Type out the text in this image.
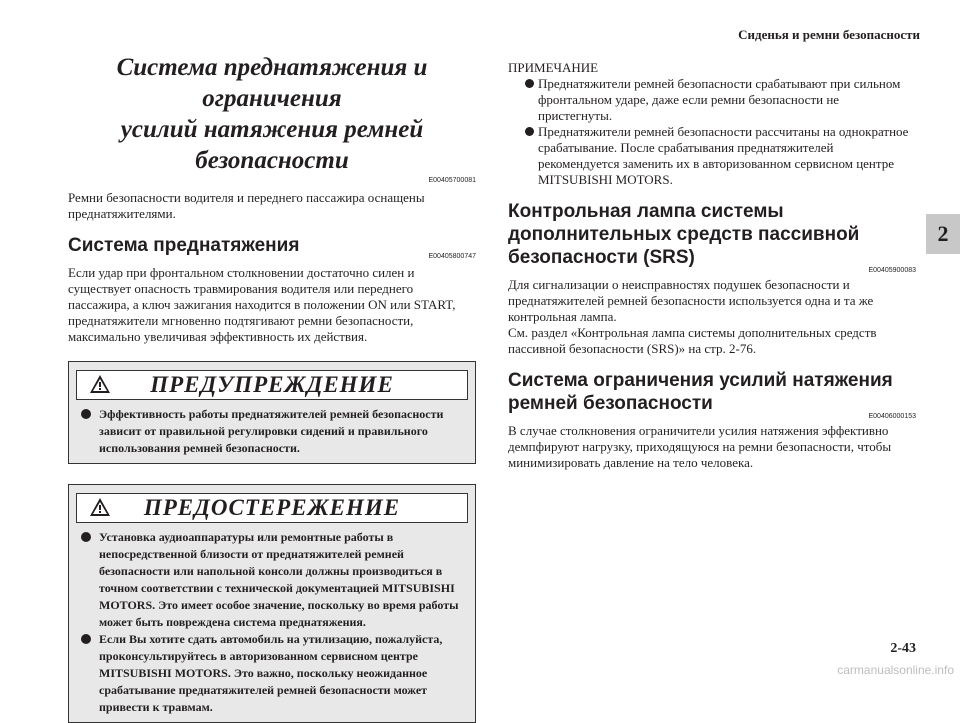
Сиденья и ремни безопасности
2
2-43
carmanualsonline.info
Система преднатяжения и ограничения
усилий натяжения ремней безопасности
E00405700081

Ремни безопасности водителя и переднего пассажира оснащены преднатяжителями.

Система преднатяжения
E00405800747

Если удар при фронтальном столкновении достаточно силен и существует опасность травмирования водителя или переднего пассажира, а ключ зажигания находится в положении ON или START, преднатяжители мгновенно подтягивают ремни безопасности, максимально увеличивая эффективность их действия.

ПРЕДУПРЕЖДЕНИЕ
Эффективность работы преднатяжителей ремней безопасности зависит от правильной регулировки сидений и правильного использования ремней безопасности.
ПРЕДОСТЕРЕЖЕНИЕ
Установка аудиоаппаратуры или ремонтные работы в непосредственной близости от преднатяжителей ремней безопасности или напольной консоли должны производиться в точном соответствии с технической документацией MITSUBISHI MOTORS. Это имеет особое значение, поскольку во время работы может быть повреждена система преднатяжения.
Если Вы хотите сдать автомобиль на утилизацию, пожалуйста, проконсультируйтесь в авторизованном сервисном центре MITSUBISHI MOTORS. Это важно, поскольку неожиданное срабатывание преднатяжителей ремней безопасности может привести к травмам.
ПРИМЕЧАНИЕ
Преднатяжители ремней безопасности срабатывают при сильном фронтальном ударе, даже если ремни безопасности не пристегнуты.
Преднатяжители ремней безопасности рассчитаны на однократное срабатывание. После срабатывания преднатяжителей рекомендуется заменить их в авторизованном сервисном центре MITSUBISHI MOTORS.
Контрольная лампа системы дополнительных средств пассивной безопасности (SRS)
E00405900083

Для сигнализации о неисправностях подушек безопасности и преднатяжителей ремней безопасности используется одна и та же контрольная лампа.

См. раздел «Контрольная лампа системы дополнительных средств пассивной безопасности (SRS)» на стр. 2-76.

Система ограничения усилий натяжения ремней безопасности
E00406000153

В случае столкновения ограничители усилия натяжения эффективно демпфируют нагрузку, приходящуюся на ремни безопасности, чтобы минимизировать давление на тело человека.
